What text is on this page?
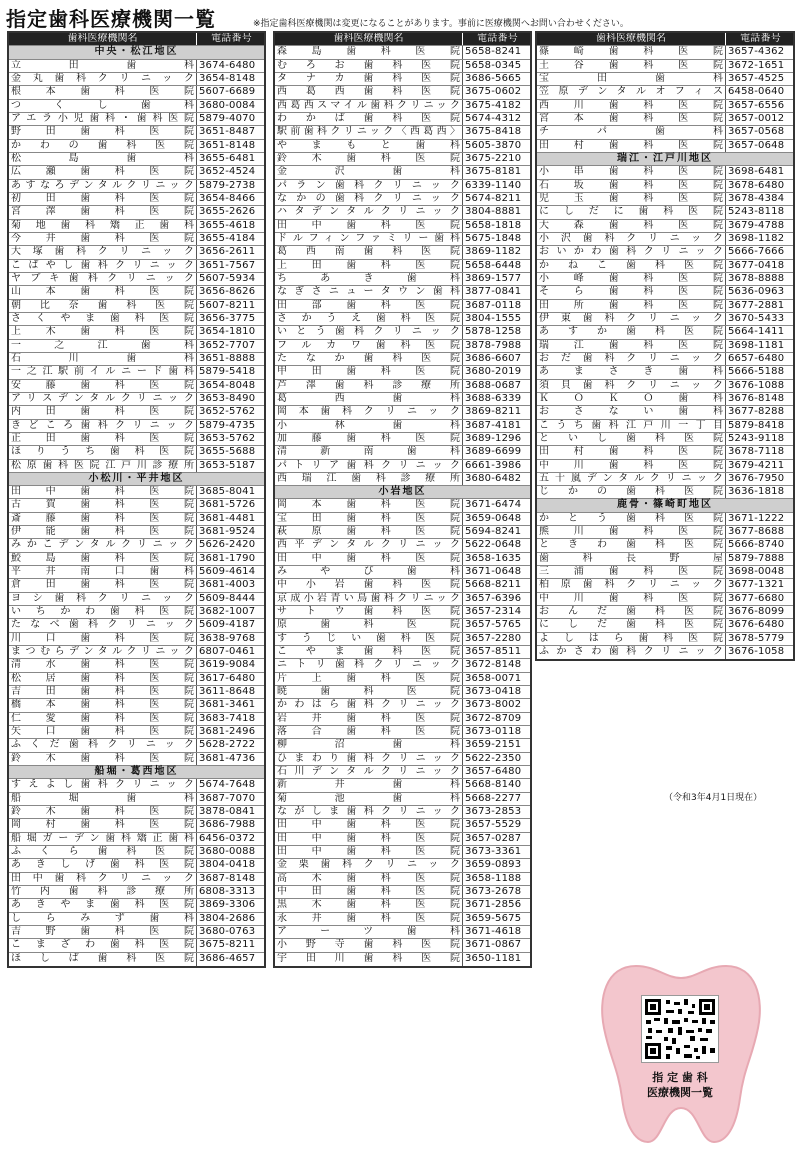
指定歯科医療機関一覧	※指定歯科医療機関は変更になることがあります。事前に医療機関へお問い合わせください。
歯科医療機関名	電話番号
中央・松江地区
立　田　歯　科 3674-6480
金丸歯科クリニック 3654-8148
根本歯科医院 5607-6689
つくし歯科 3680-0084
アエラ小児歯科・歯科医院 5879-4070
野田歯科医院 3651-8487
かわの歯科医院 3651-8148
松　島　歯　科 3655-6481
広瀬歯科医院 3652-4524
あすなろデンタルクリニック 5879-2738
初田歯科医院 3654-8466
宮澤歯科医院 3655-2626
菊地歯科矯正歯科 3655-4618
今井歯科医院 3655-4184
大塚歯科クリニック 3656-2611
こばやし歯科クリニック 3651-7567
ヤブキ歯科クリニック 5607-5934
山本歯科医院 3656-8626
朝比奈歯科医院 5607-8211
さくやま歯科医院 3656-3775
上木歯科医院 3654-1810
一　之　江　歯　科 3652-7707
石　川　歯　科 3651-8888
一之江駅前イルニード歯科 5879-5418
安藤歯科医院 3654-8048
アリスデンタルクリニック 3653-8490
内田歯科医院 3652-5762
きどころ歯科クリニック 5879-4735
正田歯科医院 3653-5762
ほりうち歯科医院 3655-5688
松原歯科医院江戸川診療所 3653-5187
小松川・平井地区
田中歯科医院 3685-8041
古賀歯科医院 3681-5726
斎藤歯科医院 3681-4481
伊能歯科医院 3681-9524
みかこデンタルクリニック 5626-2420
鮫島歯科医院 3681-1790
平井南口歯科 5609-4614
倉田歯科医院 3681-4003
ヨシ歯科クリニック 5609-8444
いちかわ歯科医院 3682-1007
たなべ歯科クリニック 5609-4187
川口歯科医院 3638-9768
まつむらデンタルクリニック 6807-0461
清水歯科医院 3619-9084
松居歯科医院 3617-6480
吉田歯科医院 3611-8648
橋本歯科医院 3681-3461
仁愛歯科医院 3683-7418
矢口歯科医院 3681-2496
ふくだ歯科クリニック 5628-2722
鈴木歯科医院 3681-4736
船堀・葛西地区
すえよし歯科クリニック 5674-7648
船　堀　歯　科 3687-7070
鈴木歯科医院 3878-0841
岡村歯科医院 3686-7988
船堀ガーデン歯科矯正歯科 6456-0372
ふくら歯科医院 3680-0088
あきしげ歯科医院 3804-0418
田中歯科クリニック 3687-8148
竹内歯科診療所 6808-3313
あきやま歯科医院 3869-3306
しらみず歯科 3804-2686
吉野歯科医院 3680-0763
こまざわ歯科医院 3675-8211
ほしば歯科医院 3686-4657
歯科医療機関名	電話番号
森島歯科医院 5658-8241
むろお歯科医院 5658-0345
タナカ歯科医院 3686-5665
西葛西歯科医院 3675-0602
西葛西スマイル歯科クリニック 3675-4182
わかば歯科医院 5674-4312
駅前歯科クリニック〈西葛西〉 3675-8418
やまもと歯科 5605-3870
鈴木歯科医院 3675-2210
金　沢　歯　科 3675-8181
パラン歯科クリニック 6339-1140
なかの歯科クリニック 5674-8211
ハタデンタルクリニック 3804-8881
田中歯科医院 5658-1818
ドルフィンファミリー歯科 5675-1848
葛西南歯科医院 3869-1182
上田歯科医院 5658-6448
ちあき歯科 3869-1577
なぎさニュータウン歯科 3877-0841
田部歯科医院 3687-0118
さかうえ歯科医院 3804-1555
いとう歯科クリニック 5878-1258
フルカワ歯科医院 3878-7988
たなか歯科医院 3686-6607
甲田歯科医院 3680-2019
芦澤歯科診療所 3688-0687
葛　西　歯　科 3688-6339
岡本歯科クリニック 3869-8211
小　林　歯　科 3687-4181
加藤歯科医院 3689-1296
清　新　南　歯　科 3689-6699
パトリア歯科クリニック 6661-3986
西瑞江歯科診療所 3680-6482
小岩地区
岡本歯科医院 3671-6474
宝田歯科医院 3659-0648
萩原歯科医院 5694-8241
西平デンタルクリニック 5622-0648
田中歯科医院 3658-1635
みやび歯科 3671-0648
中小岩歯科医院 5668-8211
京成小岩青い鳥歯科クリニック 3657-6396
サトウ歯科医院 3657-2314
原歯科医院 3657-5765
すうじい歯科医院 3657-2280
こやま歯科医院 3657-8511
ニトリ歯科クリニック 3672-8148
片上歯科医院 3658-0071
暁歯科医院 3673-0418
かわはら歯科クリニック 3673-8002
岩井歯科医院 3672-8709
落合歯科医院 3673-0118
柳　沼　歯　科 3659-2151
ひまわり歯科クリニック 5622-2350
石川デンタルクリニック 3657-6480
新　井　歯　科 5668-8140
菊　池　歯　科 5668-2277
ながしま歯科クリニック 3673-2853
田中歯科医院 3657-5529
田中歯科医院 3657-0287
田中歯科医院 3673-3361
金栗歯科クリニック 3659-0893
高木歯科医院 3658-1188
中田歯科医院 3673-2678
黒木歯科医院 3671-2856
永井歯科医院 3659-5675
アーツ歯科 3671-4618
小野寺歯科医院 3671-0867
宇田川歯科医院 3650-1181
歯科医療機関名	電話番号
篠崎歯科医院 3657-4362
土谷歯科医院 3672-1651
宝田歯科 3657-4525
笠原デンタルオフィス 6458-0640
西川歯科医院 3657-6556
宮本歯科医院 3657-0012
チ　パ　歯　科 3657-0568
田村歯科医院 3657-0648
瑞江・江戸川地区
小串歯科医院 3698-6481
石坂歯科医院 3678-6480
児玉歯科医院 3678-4384
にしだに歯科医院 5243-8118
大森歯科医院 3679-4788
小沢歯科クリニック 3698-1182
おいかわ歯科クリニック 5666-7666
かねこ歯科医院 3677-0418
小峰歯科医院 3678-8888
そら歯科医院 5636-0963
田所歯科医院 3677-2881
伊東歯科クリニック 3670-5433
あすか歯科医院 5664-1411
瑞江歯科医院 3698-1181
おだ歯科クリニック 6657-6480
あまさき歯科 5666-5188
須貝歯科クリニック 3676-1088
ＫＯＫＯ歯科 3676-8148
おさない歯科 3677-8288
こうち歯科江戸川一丁目 5879-8418
といし歯科医院 5243-9118
田村歯科医院 3678-7118
中川歯科医院 3679-4211
五十嵐デンタルクリニック 3676-7950
じかの歯科医院 3636-1818
鹿骨・篠崎町地区
かとう歯科医院 3671-1222
熊川歯科医院 3677-8688
ときわ歯科医院 5666-8740
歯科長野屋 5879-7888
三浦歯科医院 3698-0048
柏原歯科クリニック 3677-1321
中川歯科医院 3677-6680
おんだ歯科医院 3676-8099
にしだ歯科医院 3676-6480
よしはら歯科医院 3678-5779
ふかさわ歯科クリニック 3676-1058
（令和3年4月1日現在）
指 定 歯 科
医療機関一覧
